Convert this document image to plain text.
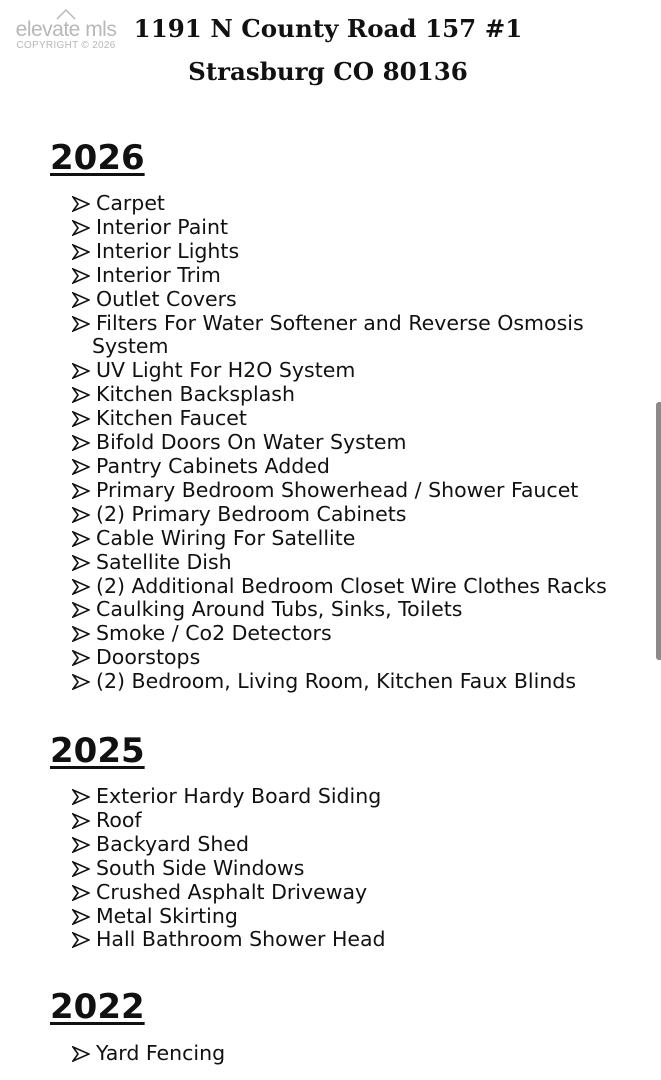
elevate mls
COPYRIGHT © 2026
1191 N County Road 157 #1
Strasburg CO 80136
2026
Carpet
Interior Paint
Interior Lights
Interior Trim
Outlet Covers
Filters For Water Softener and Reverse Osmosis
System
UV Light For H2O System
Kitchen Backsplash
Kitchen Faucet
Bifold Doors On Water System
Pantry Cabinets Added
Primary Bedroom Showerhead / Shower Faucet
(2) Primary Bedroom Cabinets
Cable Wiring For Satellite
Satellite Dish
(2) Additional Bedroom Closet Wire Clothes Racks
Caulking Around Tubs, Sinks, Toilets
Smoke / Co2 Detectors
Doorstops
(2) Bedroom, Living Room, Kitchen Faux Blinds
2025
Exterior Hardy Board Siding
Roof
Backyard Shed
South Side Windows
Crushed Asphalt Driveway
Metal Skirting
Hall Bathroom Shower Head
2022
Yard Fencing
